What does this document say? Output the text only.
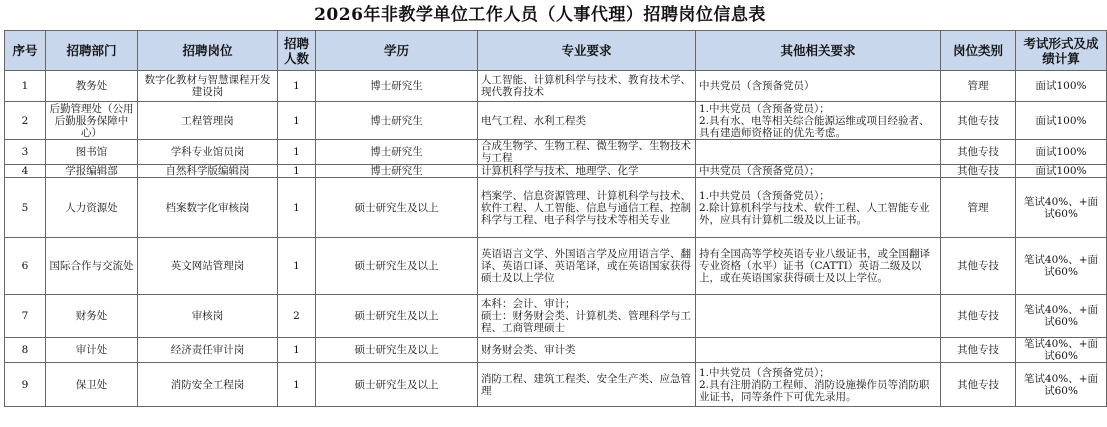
2026年非教学单位工作人员（人事代理）招聘岗位信息表
序号	招聘部门	招聘岗位	招聘人数	学历	专业要求	其他相关要求	岗位类别	考试形式及成绩计算

1	教务处	数字化教材与智慧课程开发建设岗	1	博士研究生	人工智能、计算机科学与技术、教育技术学、现代教育技术	中共党员（含预备党员）	管理	面试100%

2	后勤管理处（公用后勤服务保障中心）	工程管理岗	1	博士研究生	电气工程、水利工程类	1.中共党员（含预备党员）；
2.具有水、电等相关综合能源运维或项目经验者、具有建造师资格证的优先考虑。	其他专技	面试100%

3	图书馆	学科专业馆员岗	1	博士研究生	合成生物学、生物工程、微生物学、生物技术与工程		其他专技	面试100%

4	学报编辑部	自然科学版编辑岗	1	博士研究生	计算机科学与技术、地理学、化学	中共党员（含预备党员）；	其他专技	面试100%

5	人力资源处	档案数字化审核岗	1	硕士研究生及以上	档案学、信息资源管理、计算机科学与技术、软件工程、人工智能、信息与通信工程、控制科学与工程、电子科学与技术等相关专业	1.中共党员（含预备党员）；
2.除计算机科学与技术、软件工程、人工智能专业外，应具有计算机二级及以上证书。	管理	笔试40%、+面试60%

6	国际合作与交流处	英文网站管理岗	1	硕士研究生及以上	英语语言文学、外国语言学及应用语言学、翻译、英语口译、英语笔译，或在英语国家获得硕士及以上学位	持有全国高等学校英语专业八级证书，或全国翻译专业资格（水平）证书（CATTI）英语二级及以上，或在英语国家获得硕士及以上学位。	其他专技	笔试40%、+面试60%

7	财务处	审核岗	2	硕士研究生及以上	本科：会计、审计；
硕士：财务财会类、计算机类、管理科学与工程、工商管理硕士		其他专技	笔试40%、+面试60%

8	审计处	经济责任审计岗	1	硕士研究生及以上	财务财会类、审计类		其他专技	笔试40%、+面试60%

9	保卫处	消防安全工程岗	1	硕士研究生及以上	消防工程、建筑工程类、安全生产类、应急管理	1.中共党员（含预备党员）；
2.具有注册消防工程师、消防设施操作员等消防职业证书，同等条件下可优先录用。	其他专技	笔试40%、+面试60%
